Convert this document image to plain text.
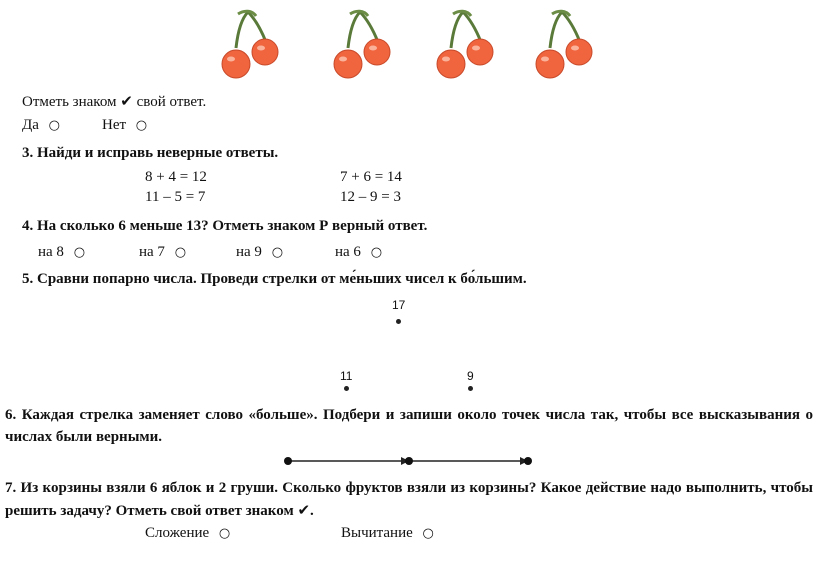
Отметь знаком ✔ свой ответ.
Да ○	Нет ○
3. Найди и исправь неверные ответы.
8 + 4 = 12	7 + 6 = 14
11 – 5 = 7	12 – 9 = 3
4. На сколько 6 меньше 13? Отметь знаком Р верный ответ.
на 8 ○	на 7 ○	на 9 ○	на 6 ○
5. Сравни попарно числа. Проведи стрелки от ме́ньших чисел к бо́льшим.
17
11	9
6. Каждая стрелка заменяет слово «больше». Подбери и запиши около точек числа так, чтобы все высказывания о числах были верными.
7. Из корзины взяли 6 яблок и 2 груши. Сколько фруктов взяли из корзины? Какое действие надо выполнить, чтобы решить задачу? Отметь свой ответ знаком ✔.
Сложение ○	Вычитание ○
